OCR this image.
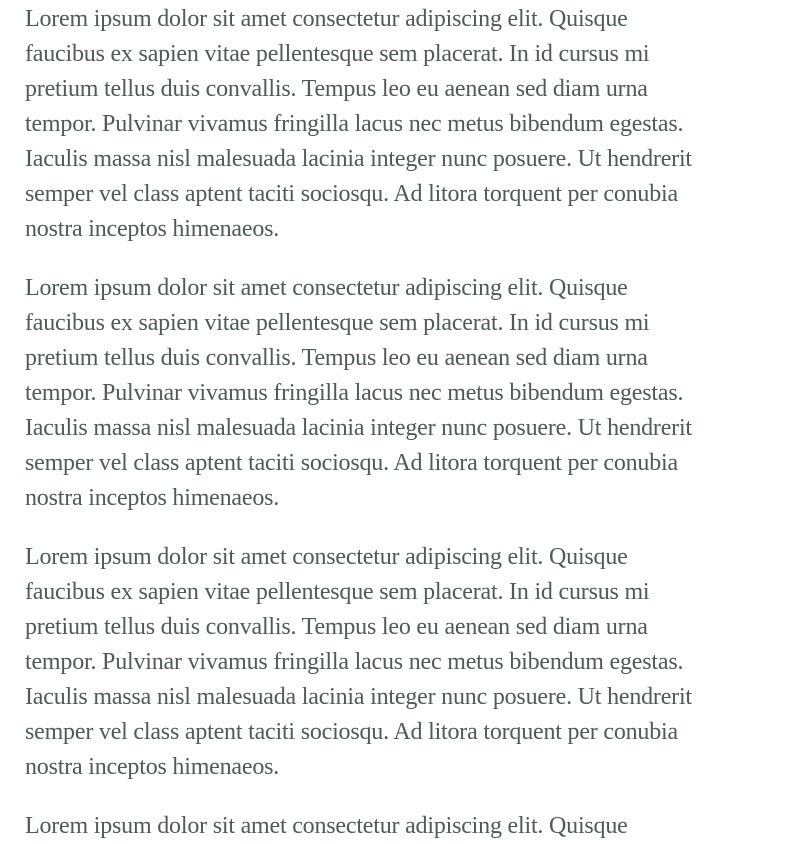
Lorem ipsum dolor sit amet consectetur adipiscing elit. Quisque
faucibus ex sapien vitae pellentesque sem placerat. In id cursus mi
pretium tellus duis convallis. Tempus leo eu aenean sed diam urna
tempor. Pulvinar vivamus fringilla lacus nec metus bibendum egestas.
Iaculis massa nisl malesuada lacinia integer nunc posuere. Ut hendrerit
semper vel class aptent taciti sociosqu. Ad litora torquent per conubia
nostra inceptos himenaeos.
Lorem ipsum dolor sit amet consectetur adipiscing elit. Quisque
faucibus ex sapien vitae pellentesque sem placerat. In id cursus mi
pretium tellus duis convallis. Tempus leo eu aenean sed diam urna
tempor. Pulvinar vivamus fringilla lacus nec metus bibendum egestas.
Iaculis massa nisl malesuada lacinia integer nunc posuere. Ut hendrerit
semper vel class aptent taciti sociosqu. Ad litora torquent per conubia
nostra inceptos himenaeos.
Lorem ipsum dolor sit amet consectetur adipiscing elit. Quisque
faucibus ex sapien vitae pellentesque sem placerat. In id cursus mi
pretium tellus duis convallis. Tempus leo eu aenean sed diam urna
tempor. Pulvinar vivamus fringilla lacus nec metus bibendum egestas.
Iaculis massa nisl malesuada lacinia integer nunc posuere. Ut hendrerit
semper vel class aptent taciti sociosqu. Ad litora torquent per conubia
nostra inceptos himenaeos.
Lorem ipsum dolor sit amet consectetur adipiscing elit. Quisque
